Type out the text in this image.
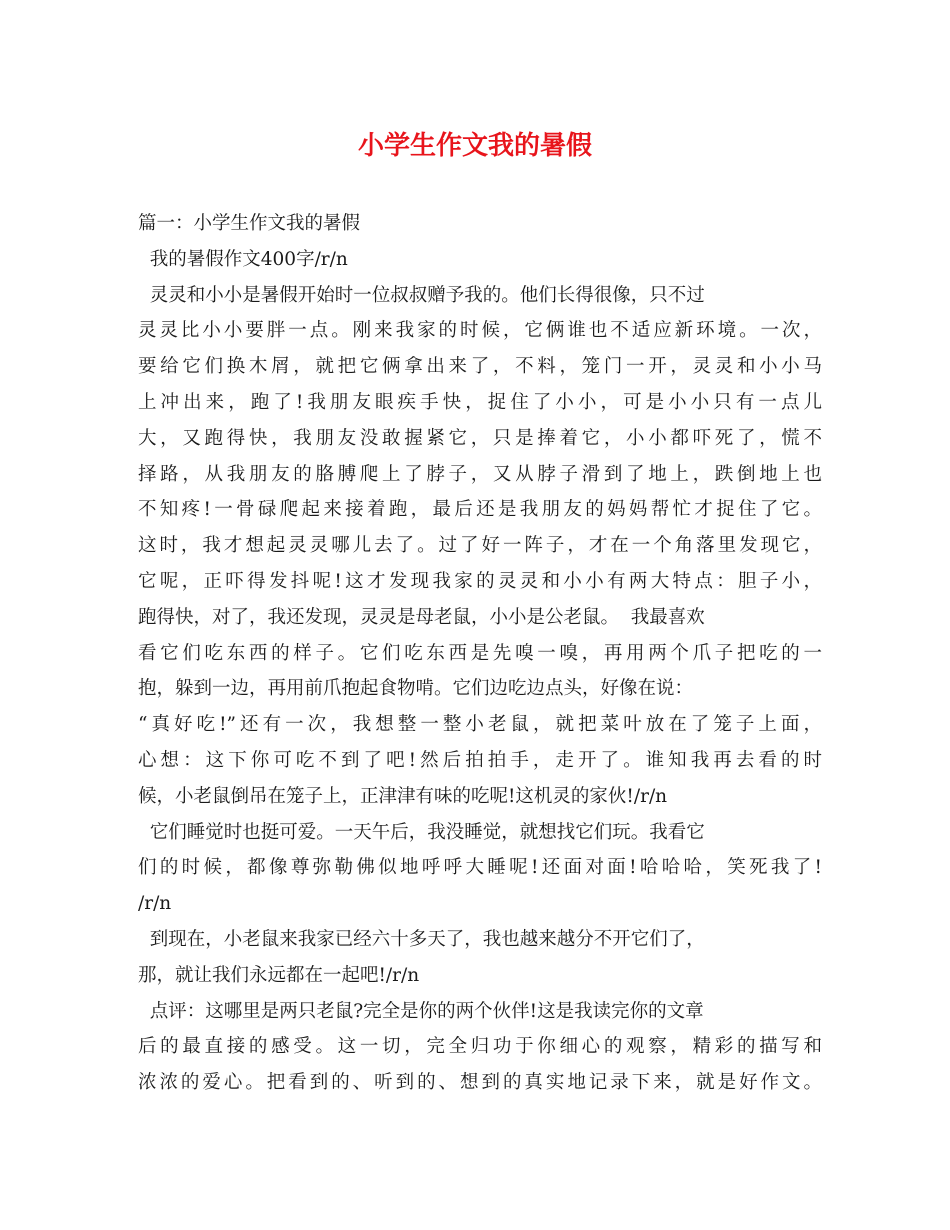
小学生作文我的暑假
篇一：小学生作文我的暑假
我的暑假作文400字/r/n
灵灵和小小是暑假开始时一位叔叔赠予我的。他们长得很像，只不过
灵灵比小小要胖一点。刚来我家的时候，它俩谁也不适应新环境。一次，
要给它们换木屑，就把它俩拿出来了，不料，笼门一开，灵灵和小小马
上冲出来，跑了!我朋友眼疾手快，捉住了小小，可是小小只有一点儿
大，又跑得快，我朋友没敢握紧它，只是捧着它，小小都吓死了，慌不
择路，从我朋友的胳膊爬上了脖子，又从脖子滑到了地上，跌倒地上也
不知疼!一骨碌爬起来接着跑，最后还是我朋友的妈妈帮忙才捉住了它。
这时，我才想起灵灵哪儿去了。过了好一阵子，才在一个角落里发现它，
它呢，正吓得发抖呢!这才发现我家的灵灵和小小有两大特点：胆子小，
跑得快，对了，我还发现，灵灵是母老鼠，小小是公老鼠。  我最喜欢
看它们吃东西的样子。它们吃东西是先嗅一嗅，再用两个爪子把吃的一
抱，躲到一边，再用前爪抱起食物啃。它们边吃边点头，好像在说：
“真好吃!”还有一次，我想整一整小老鼠，就把菜叶放在了笼子上面，
心想：这下你可吃不到了吧!然后拍拍手，走开了。谁知我再去看的时
候，小老鼠倒吊在笼子上，正津津有味的吃呢!这机灵的家伙!/r/n
它们睡觉时也挺可爱。一天午后，我没睡觉，就想找它们玩。我看它
们的时候，都像尊弥勒佛似地呼呼大睡呢!还面对面!哈哈哈，笑死我了!
/r/n
到现在，小老鼠来我家已经六十多天了，我也越来越分不开它们了，
那，就让我们永远都在一起吧!/r/n
点评：这哪里是两只老鼠?完全是你的两个伙伴!这是我读完你的文章
后的最直接的感受。这一切，完全归功于你细心的观察，精彩的描写和
浓浓的爱心。把看到的、听到的、想到的真实地记录下来，就是好作文。
